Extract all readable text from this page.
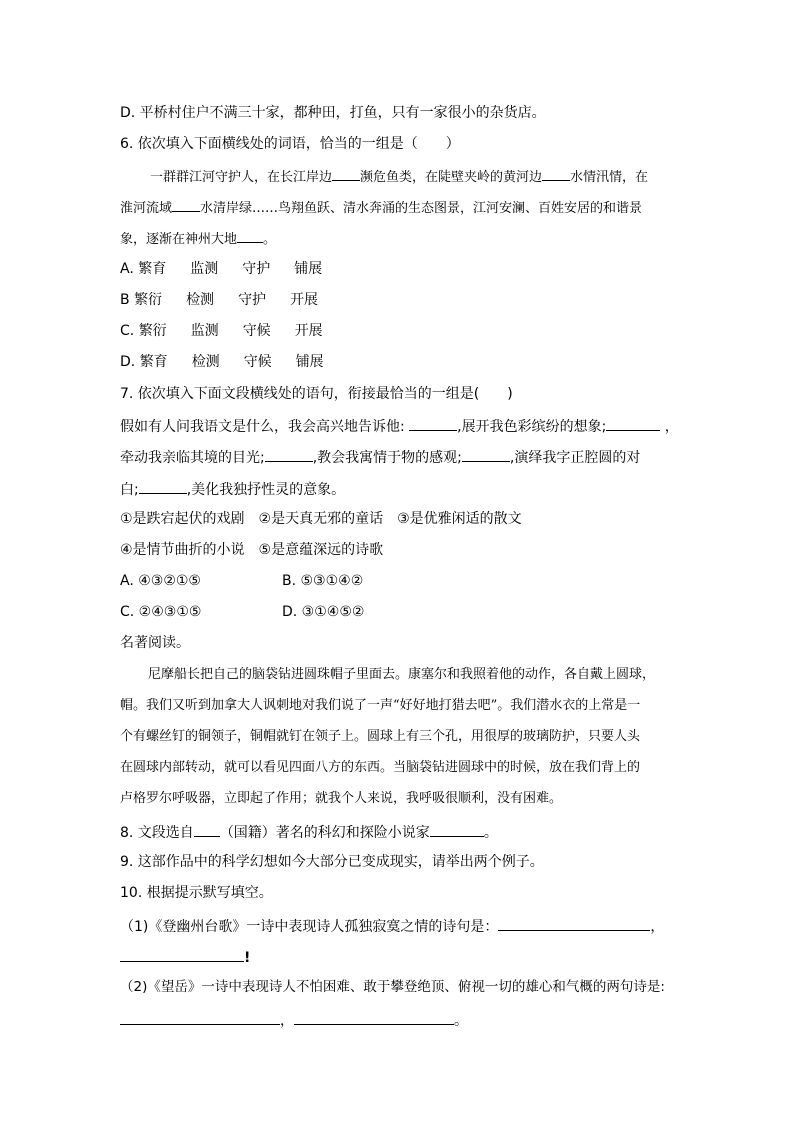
D. 平桥村住户不满三十家，都种田，打鱼，只有一家很小的杂货店。
6. 依次填入下面横线处的词语，恰当的一组是（　　）
一群群江河守护人，在长江岸边 濒危鱼类，在陡壁夹岭的黄河边 水情汛情，在
淮河流域 水清岸绿……鸟翔鱼跃、清水奔涌的生态图景，江河安澜、百姓安居的和谐景
象，逐渐在神州大地 。
A. 繁育 监测 守护 铺展
B 繁衍 检测 守护 开展
C. 繁衍 监测 守候 开展
D. 繁育 检测 守候 铺展
7. 依次填入下面文段横线处的语句，衔接最恰当的一组是(　　)
假如有人问我语文是什么，我会高兴地告诉他:	,展开我色彩缤纷的想象;	，
牵动我亲临其境的目光;	,教会我寓情于物的感观;	,演绎我字正腔圆的对
白;	,美化我独抒性灵的意象。
①是跌宕起伏的戏剧　②是天真无邪的童话　③是优雅闲适的散文
④是情节曲折的小说　⑤是意蕴深远的诗歌
A. ④③②①⑤	B. ⑤③①④②
C. ②④③①⑤	D. ③①④⑤②
名著阅读。
尼摩船长把自己的脑袋钻进圆珠帽子里面去。康塞尔和我照着他的动作，各自戴上圆球，
帽。我们又听到加拿大人讽刺地对我们说了一声“好好地打猎去吧”。我们潜水衣的上常是一
个有螺丝钉的铜领子，铜帽就钉在领子上。圆球上有三个孔，用很厚的玻璃防护，只要人头
在圆球内部转动，就可以看见四面八方的东西。当脑袋钻进圆球中的时候，放在我们背上的
卢格罗尔呼吸器，立即起了作用；就我个人来说，我呼吸很顺利，没有困难。
8. 文段选自 （国籍）著名的科幻和探险小说家	。
9. 这部作品中的科学幻想如今大部分已变成现实，请举出两个例子。
10. 根据提示默写填空。
（1)《登幽州台歌》一诗中表现诗人孤独寂寞之情的诗句是：	，
!
（2)《望岳》一诗中表现诗人不怕困难、敢于攀登绝顶、俯视一切的雄心和气概的两句诗是:
，	。
